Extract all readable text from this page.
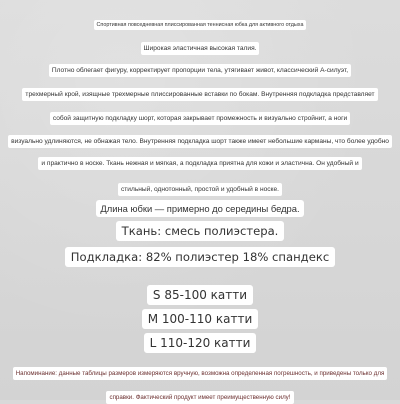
Спортивная повседневная плиссированная теннисная юбка для активного отдыха
Широкая эластичная высокая талия.
Плотно облегает фигуру, корректирует пропорции тела, утягивает живот, классический А-силуэт,
трехмерный крой, изящные трехмерные плиссированные вставки по бокам. Внутренняя подкладка представляет
собой защитную подкладку шорт, которая закрывает промежность и визуально стройнит, а ноги
визуально удлиняются, не обнажая тело. Внутренняя подкладка шорт также имеет небольшие карманы, что более удобно
и практично в носке. Ткань нежная и мягкая, а подкладка приятна для кожи и эластична. Он удобный и
стильный, однотонный, простой и удобный в носке.
Длина юбки — примерно до середины бедра.
Ткань: смесь полиэстера.
Подкладка: 82% полиэстер 18% спандекс
S 85-100 катти
M 100-110 катти
L 110-120 катти
Напоминание: данные таблицы размеров измеряются вручную, возможна определенная погрешность, и приведены только для
справки. Фактический продукт имеет преимущественную силу!
